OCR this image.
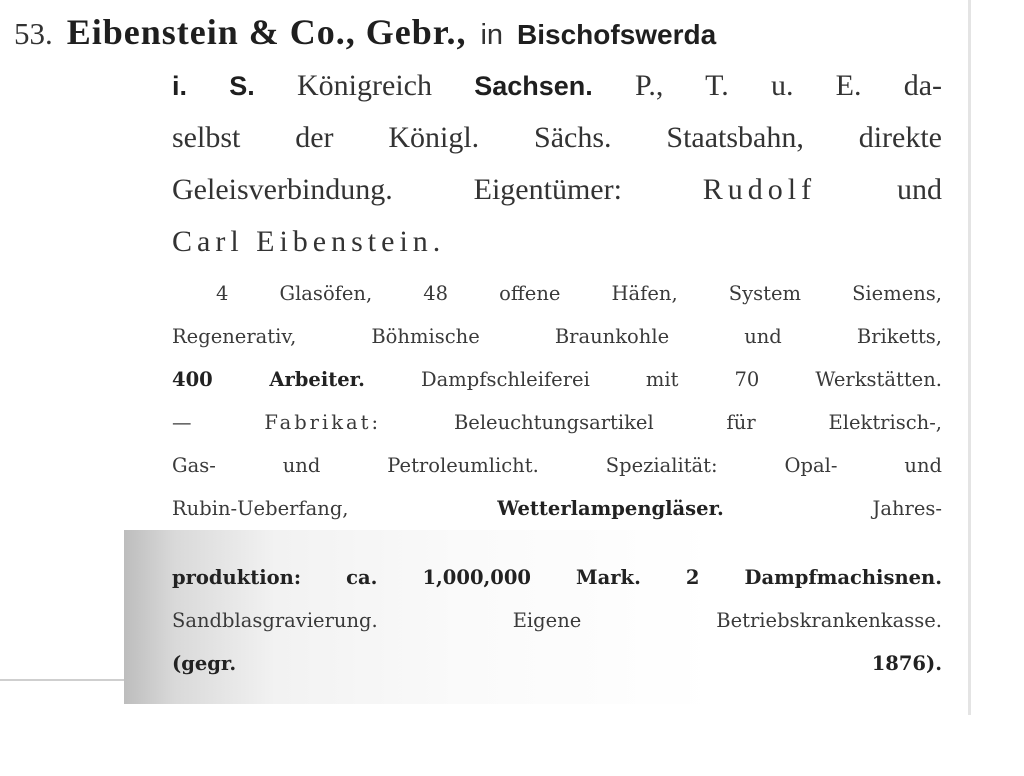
53. Eibenstein & Co., Gebr., in Bischofswerda
i. S. Königreich Sachsen. P., T. u. E. da-
selbst der Königl. Sächs. Staatsbahn, direkte
Geleisverbindung.	Eigentümer:	Rudolf	und
Carl Eibenstein.
4 Glasöfen, 48 offene Häfen, System Siemens,
Regenerativ, Böhmische Braunkohle und Briketts,
400 Arbeiter.	Dampfschleiferei mit 70 Werkstätten.
—	Fabrikat:	Beleuchtungsartikel für Elektrisch-,
Gas- und Petroleumlicht. Spezialität: Opal- und
Rubin-Ueberfang,	Wetterlampengläser.	Jahres-
produktion: ca. 1,000,000 Mark. 2 Dampfmachisnen.
Sandblasgravierung. Eigene Betriebskrankenkasse.
(gegr. 1876).
